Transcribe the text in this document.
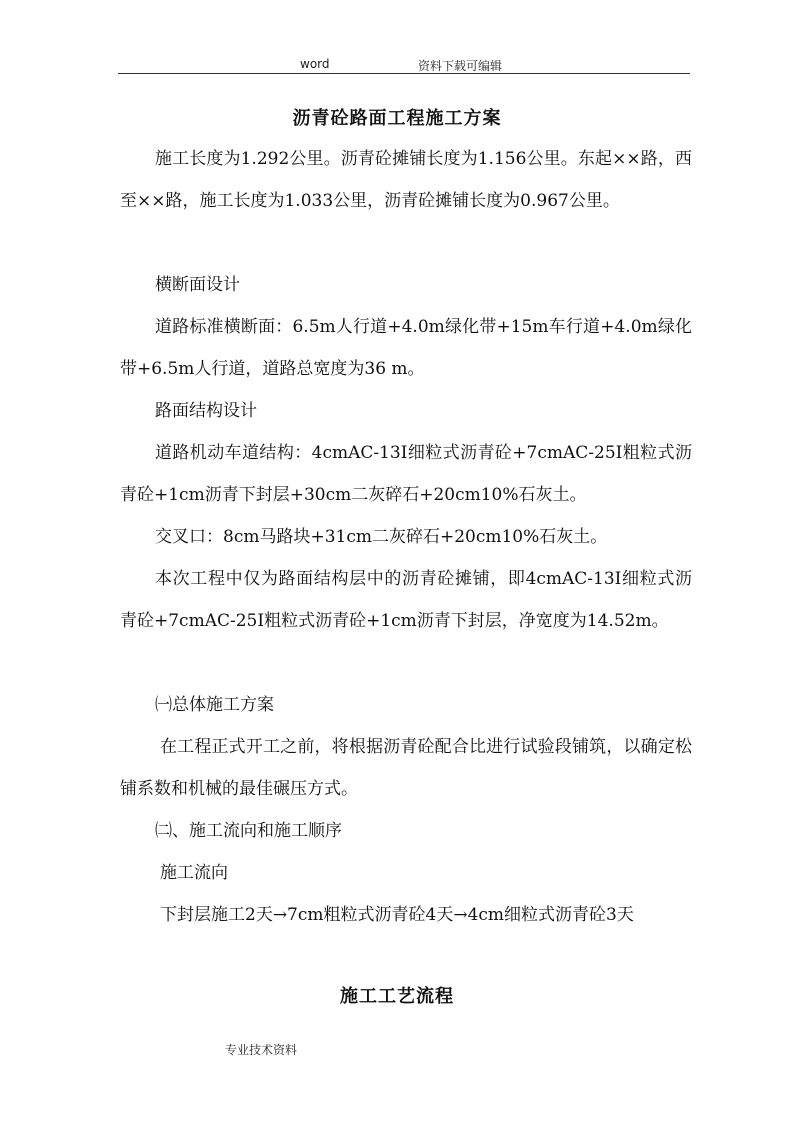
word	资料下载可编辑
沥青砼路面工程施工方案

施工长度为1.292公里。沥青砼摊铺长度为1.156公里。东起××路，西至××路，施工长度为1.033公里，沥青砼摊铺长度为0.967公里。

横断面设计

道路标准横断面：6.5m人行道+4.0m绿化带+15m车行道+4.0m绿化带+6.5m人行道，道路总宽度为36 m。

路面结构设计

道路机动车道结构：4cmAC-13I细粒式沥青砼+7cmAC-25I粗粒式沥青砼+1cm沥青下封层+30cm二灰碎石+20cm10%石灰土。

交叉口：8cm马路块+31cm二灰碎石+20cm10%石灰土。

本次工程中仅为路面结构层中的沥青砼摊铺，即4cmAC-13I细粒式沥青砼+7cmAC-25I粗粒式沥青砼+1cm沥青下封层，净宽度为14.52m。

㈠总体施工方案

在工程正式开工之前，将根据沥青砼配合比进行试验段铺筑，以确定松铺系数和机械的最佳碾压方式。

㈡、施工流向和施工顺序

施工流向

下封层施工2天→7cm粗粒式沥青砼4天→4cm细粒式沥青砼3天

施工工艺流程
专业技术资料
